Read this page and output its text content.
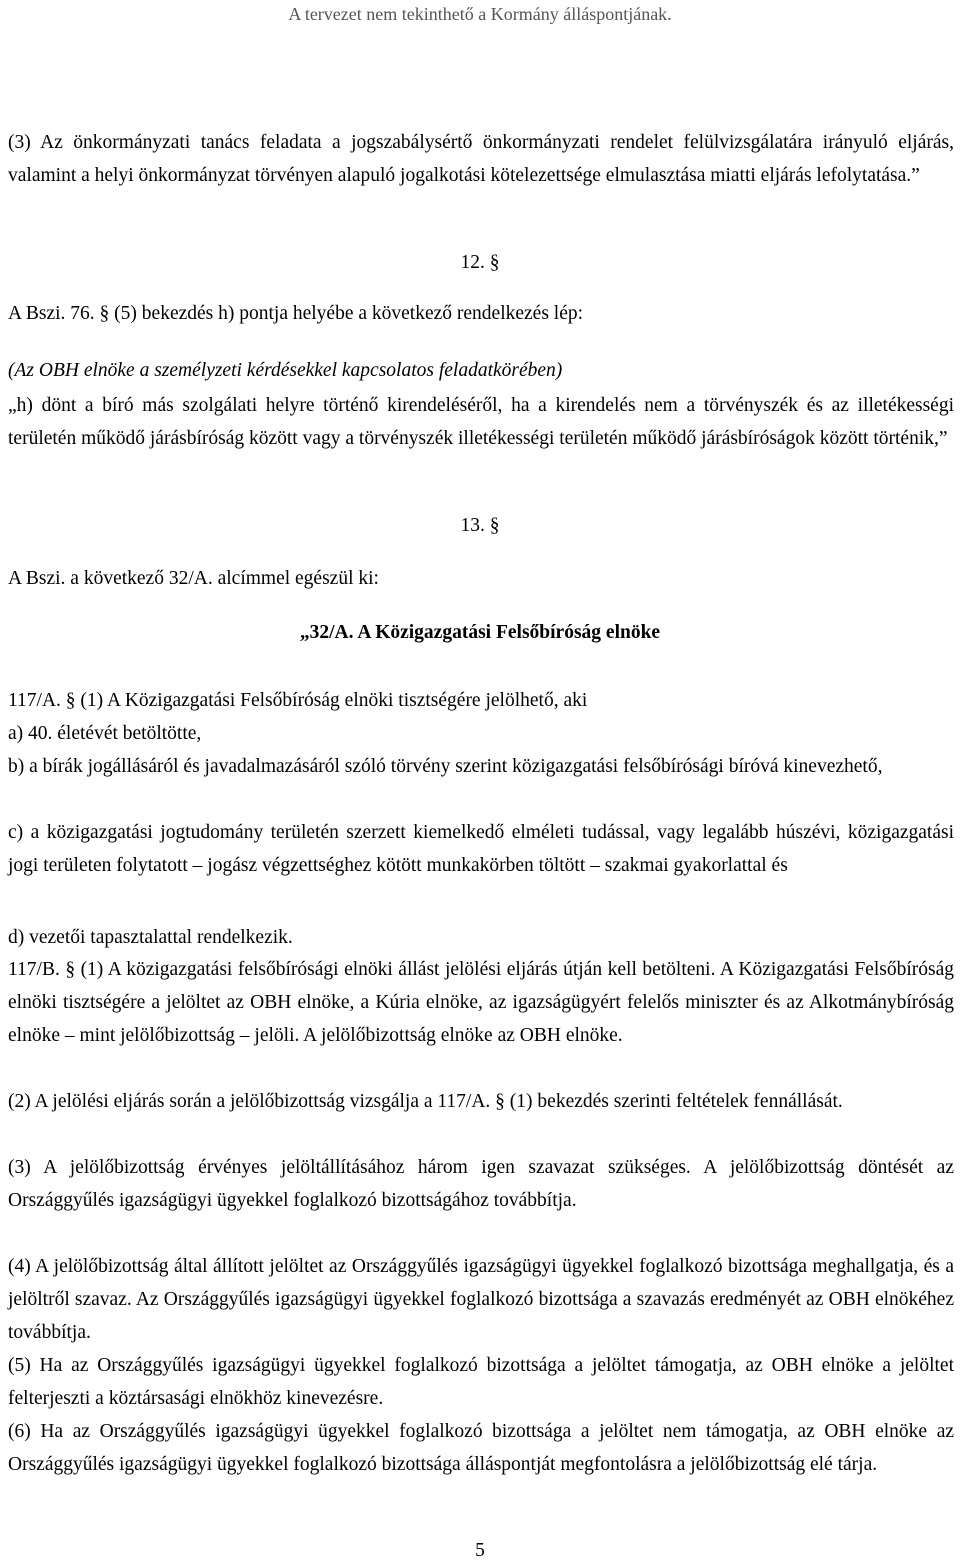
A tervezet nem tekinthető a Kormány álláspontjának.

(3) Az önkormányzati tanács feladata a jogszabálysértő önkormányzati rendelet felülvizsgálatára irányuló eljárás, valamint a helyi önkormányzat törvényen alapuló jogalkotási kötelezettsége elmulasztása miatti eljárás lefolytatása.”

12. §

A Bszi. 76. § (5) bekezdés h) pontja helyébe a következő rendelkezés lép:

(Az OBH elnöke a személyzeti kérdésekkel kapcsolatos feladatkörében)

„h) dönt a bíró más szolgálati helyre történő kirendeléséről, ha a kirendelés nem a törvényszék és az illetékességi területén működő járásbíróság között vagy a törvényszék illetékességi területén működő járásbíróságok között történik,”

13. §

A Bszi. a következő 32/A. alcímmel egészül ki:

„32/A. A Közigazgatási Felsőbíróság elnöke

117/A. § (1) A Közigazgatási Felsőbíróság elnöki tisztségére jelölhető, aki

a) 40. életévét betöltötte,

b) a bírák jogállásáról és javadalmazásáról szóló törvény szerint közigazgatási felsőbírósági bíróvá kinevezhető,

c) a közigazgatási jogtudomány területén szerzett kiemelkedő elméleti tudással, vagy legalább húszévi, közigazgatási jogi területen folytatott – jogász végzettséghez kötött munkakörben töltött – szakmai gyakorlattal és

d) vezetői tapasztalattal rendelkezik.

117/B. § (1) A közigazgatási felsőbírósági elnöki állást jelölési eljárás útján kell betölteni. A Közigazgatási Felsőbíróság elnöki tisztségére a jelöltet az OBH elnöke, a Kúria elnöke, az igazságügyért felelős miniszter és az Alkotmánybíróság elnöke – mint jelölőbizottság – jelöli. A jelölőbizottság elnöke az OBH elnöke.

(2) A jelölési eljárás során a jelölőbizottság vizsgálja a 117/A. § (1) bekezdés szerinti feltételek fennállását.

(3) A jelölőbizottság érvényes jelöltállításához három igen szavazat szükséges. A jelölőbizottság döntését az Országgyűlés igazságügyi ügyekkel foglalkozó bizottságához továbbítja.

(4) A jelölőbizottság által állított jelöltet az Országgyűlés igazságügyi ügyekkel foglalkozó bizottsága meghallgatja, és a jelöltről szavaz. Az Országgyűlés igazságügyi ügyekkel foglalkozó bizottsága a szavazás eredményét az OBH elnökéhez továbbítja.

(5) Ha az Országgyűlés igazságügyi ügyekkel foglalkozó bizottsága a jelöltet támogatja, az OBH elnöke a jelöltet felterjeszti a köztársasági elnökhöz kinevezésre.

(6) Ha az Országgyűlés igazságügyi ügyekkel foglalkozó bizottsága a jelöltet nem támogatja, az OBH elnöke az Országgyűlés igazságügyi ügyekkel foglalkozó bizottsága álláspontját megfontolásra a jelölőbizottság elé tárja.

5
